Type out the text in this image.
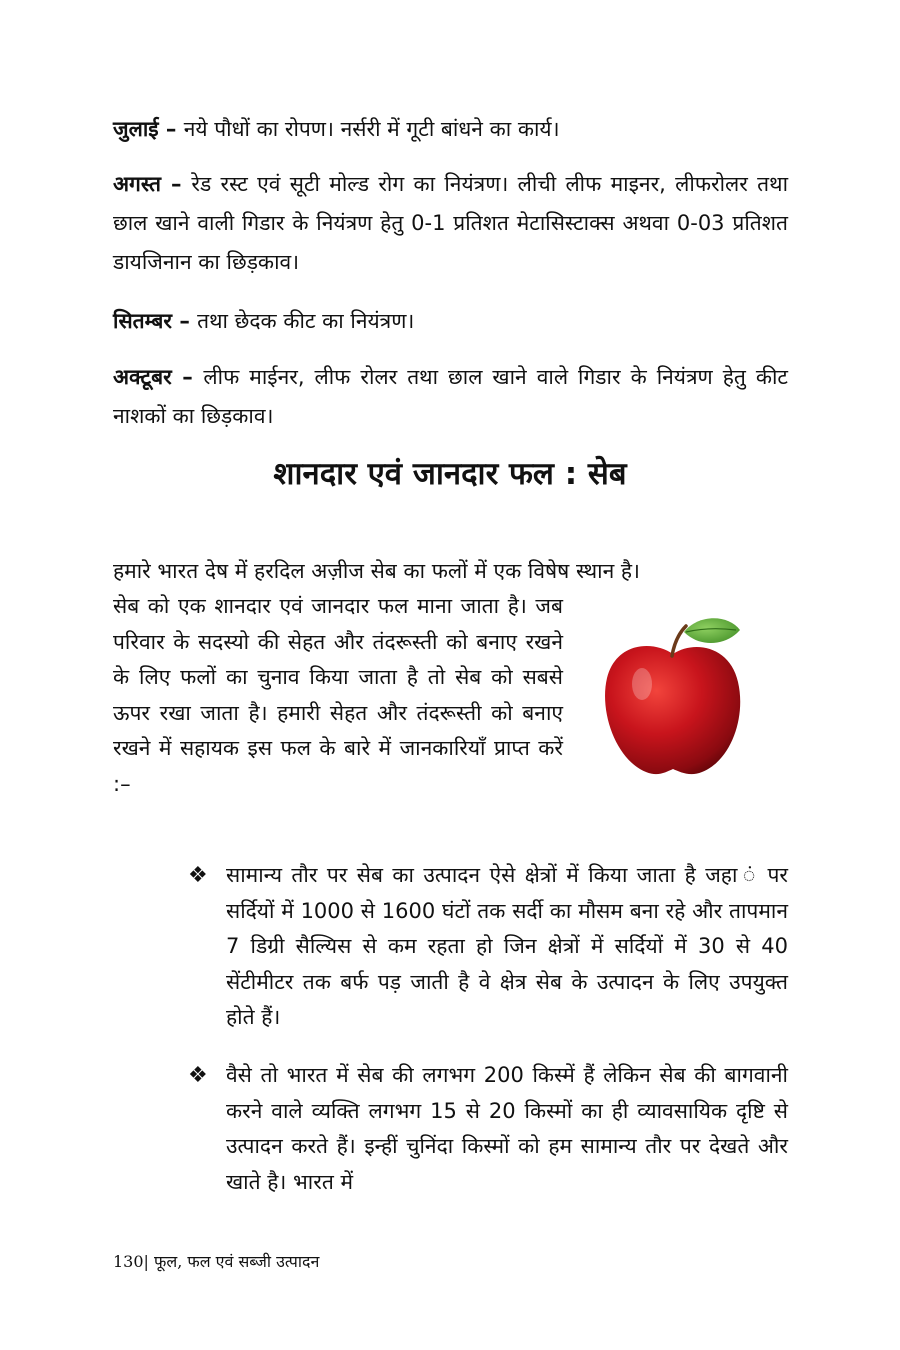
जुलाई – नये पौधों का रोपण। नर्सरी में गूटी बांधने का कार्य।
अगस्त – रेड रस्ट एवं सूटी मोल्ड रोग का नियंत्रण। लीची लीफ माइनर, लीफरोलर तथा छाल खाने वाली गिडार के नियंत्रण हेतु 0-1 प्रतिशत मेटासिस्टाक्स अथवा 0-03 प्रतिशत डायजिनान का छिड़काव।
सितम्बर – तथा छेदक कीट का नियंत्रण।
अक्टूबर – लीफ माईनर, लीफ रोलर तथा छाल खाने वाले गिडार के नियंत्रण हेतु कीट नाशकों का छिड़काव।
शानदार एवं जानदार फल : सेब
हमारे भारत देष में हरदिल अज़ीज सेब का फलों में एक विषेष स्थान है।
सेब को एक शानदार एवं जानदार फल माना जाता है। जब परिवार के सदस्यो की सेहत और तंदरूस्ती को बनाए रखने के लिए फलों का चुनाव किया जाता है तो सेब को सबसे ऊपर रखा जाता है। हमारी सेहत और तंदरूस्ती को बनाए रखने में सहायक इस फल के बारे में जानकारियाँ प्राप्त करें :–
❖ सामान्य तौर पर सेब का उत्पादन ऐसे क्षेत्रों में किया जाता है जहा ं पर सर्दियों में 1000 से 1600 घंटों तक सर्दी का मौसम बना रहे और तापमान 7 डिग्री सैल्यिस से कम रहता हो जिन क्षेत्रों में सर्दियों में 30 से 40 सेंटीमीटर तक बर्फ पड़ जाती है वे क्षेत्र सेब के उत्पादन के लिए उपयुक्त होते हैं।
❖ वैसे तो भारत में सेब की लगभग 200 किस्में हैं लेकिन सेब की बागवानी करने वाले व्यक्ति लगभग 15 से 20 किस्मों का ही व्यावसायिक दृष्टि से उत्पादन करते हैं। इन्हीं चुनिंदा किस्मों को हम सामान्य तौर पर देखते और खाते है। भारत में
130| फूल, फल एवं सब्जी उत्पादन
